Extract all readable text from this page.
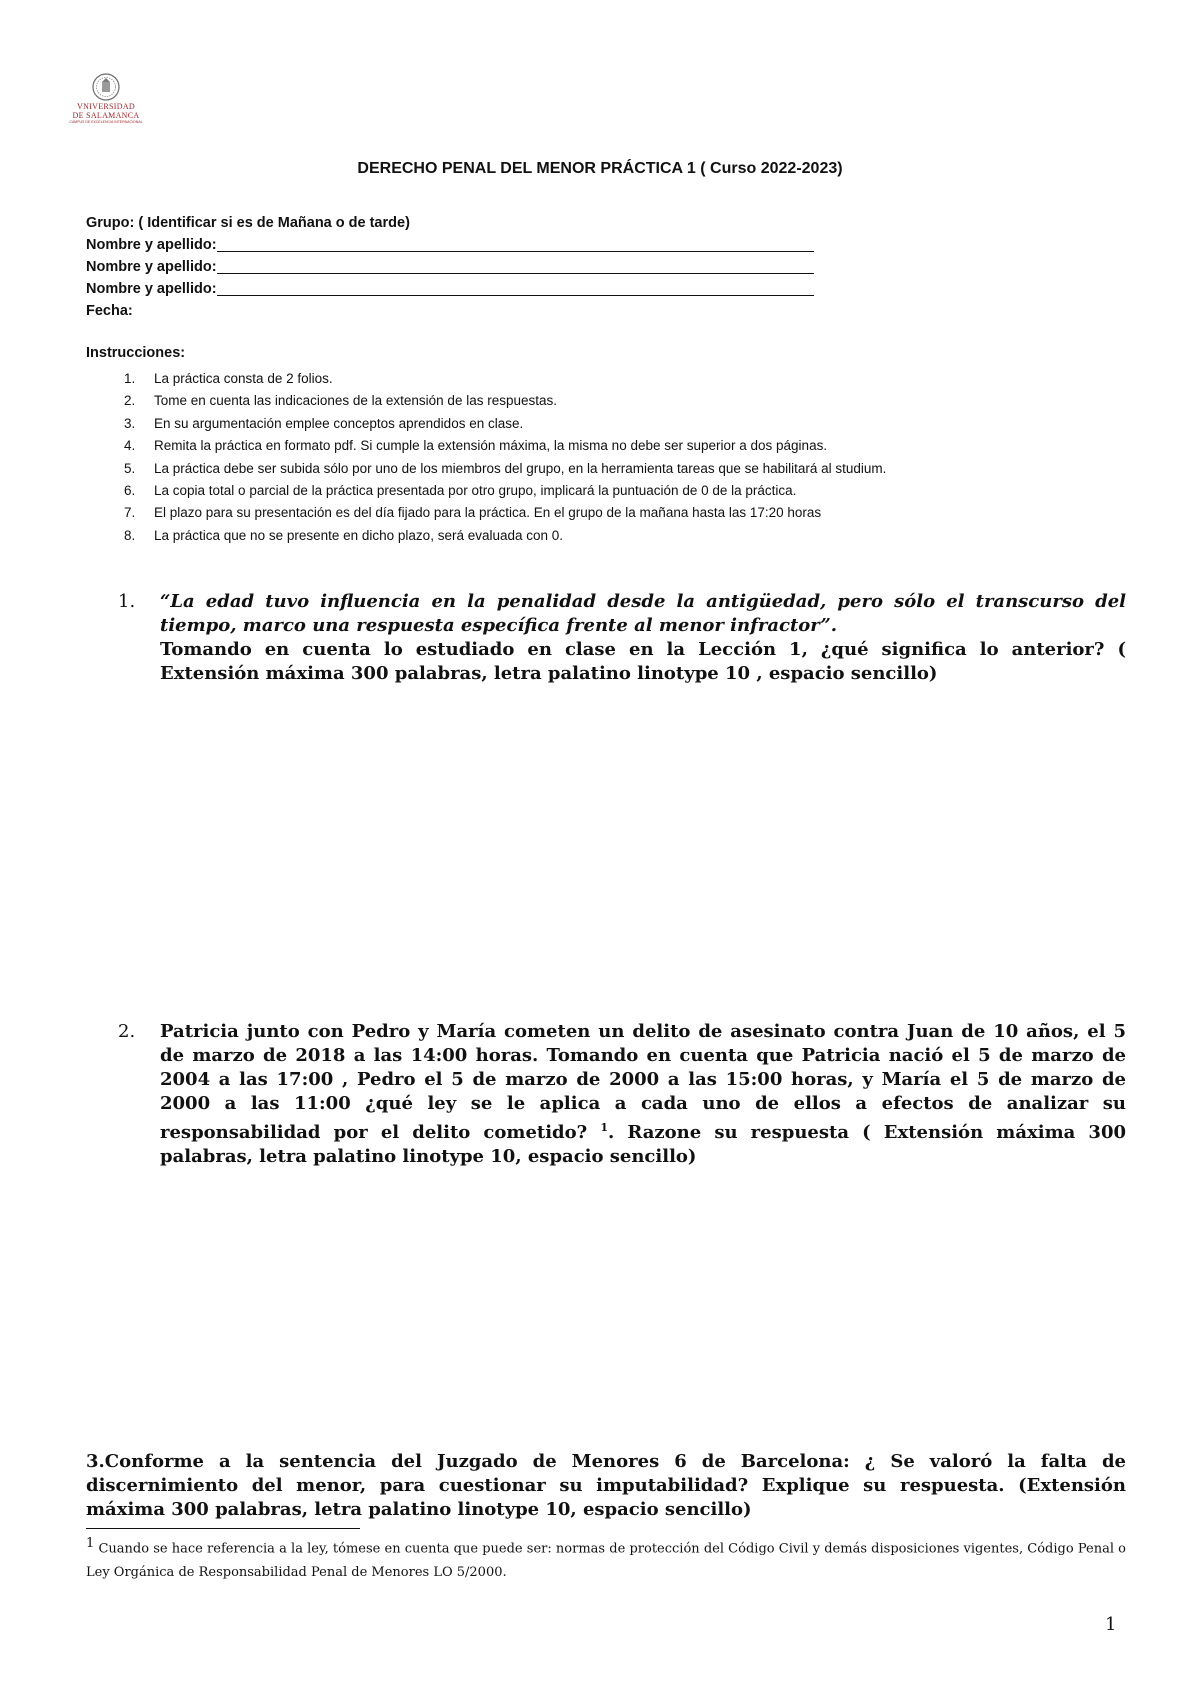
VNIVERSIDAD
DE SALAMANCA
CAMPUS DE EXCELENCIA INTERNACIONAL
DERECHO PENAL DEL MENOR PRÁCTICA 1 ( Curso 2022-2023)
Grupo: ( Identificar si es de Mañana o de tarde)
Nombre y apellido:
Nombre y apellido:
Nombre y apellido:
Fecha:
Instrucciones:
1. La práctica consta de 2 folios.
2. Tome en cuenta las indicaciones de la extensión de las respuestas.
3. En su argumentación emplee conceptos aprendidos en clase.
4. Remita la práctica en formato pdf. Si cumple la extensión máxima, la misma no debe ser superior a dos páginas.
5. La práctica debe ser subida sólo por uno de los miembros del grupo, en la herramienta tareas que se habilitará al studium.
6. La copia total o parcial de la práctica presentada por otro grupo, implicará la puntuación de 0 de la práctica.
7. El plazo para su presentación es del día fijado para la práctica. En el grupo de la mañana hasta las 17:20 horas
8. La práctica que no se presente en dicho plazo, será evaluada con 0.
1. “La edad tuvo influencia en la penalidad desde la antigüedad, pero sólo el transcurso del tiempo, marco una respuesta específica frente al menor infractor”.
Tomando en cuenta lo estudiado en clase en la Lección 1, ¿qué significa lo anterior? ( Extensión máxima 300 palabras, letra palatino linotype 10 , espacio sencillo)
2. Patricia junto con Pedro y María cometen un delito de asesinato contra Juan de 10 años, el 5 de marzo de 2018 a las 14:00 horas. Tomando en cuenta que Patricia nació el 5 de marzo de 2004 a las 17:00 , Pedro el 5 de marzo de 2000 a las 15:00 horas, y María el 5 de marzo de 2000 a las 11:00 ¿qué ley se le aplica a cada uno de ellos a efectos de analizar su responsabilidad por el delito cometido? $^1$. Razone su respuesta ( Extensión máxima 300 palabras, letra palatino linotype 10, espacio sencillo)
3.Conforme a la sentencia del Juzgado de Menores 6 de Barcelona: ¿ Se valoró la falta de discernimiento del menor, para cuestionar su imputabilidad? Explique su respuesta. (Extensión máxima 300 palabras, letra palatino linotype 10, espacio sencillo)
$^1$ Cuando se hace referencia a la ley, tómese en cuenta que puede ser: normas de protección del Código Civil y demás disposiciones vigentes, Código Penal o Ley Orgánica de Responsabilidad Penal de Menores LO 5/2000.
1
